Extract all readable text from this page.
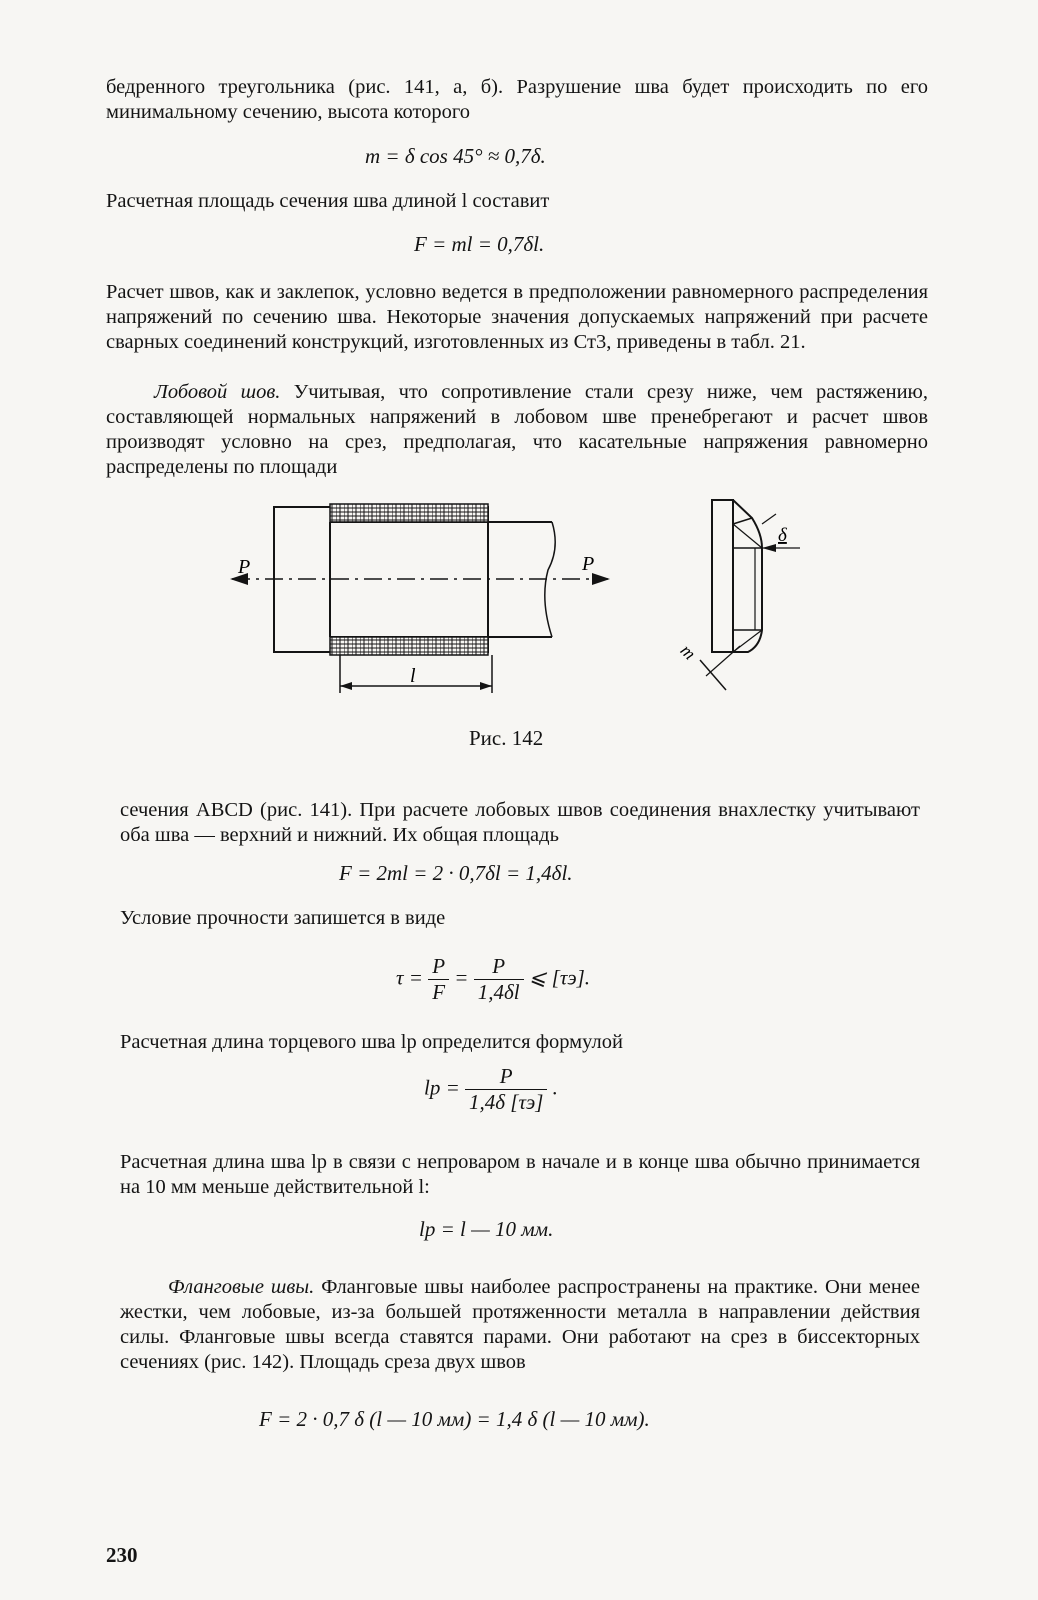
бедренного треугольника (рис. 141, а, б). Разрушение шва будет происходить по его минимальному сечению, высота которого

m = δ cos 45° ≈ 0,7δ.

Расчетная площадь сечения шва длиной l составит

F = ml = 0,7δl.

Расчет швов, как и заклепок, условно ведется в предположении равномерного распределения напряжений по сечению шва. Некоторые значения допускаемых напряжений при расчете сварных соединений конструкций, изготовленных из Ст3, приведены в табл. 21.

Лобовой шов. Учитывая, что сопротивление стали срезу ниже, чем растяжению, составляющей нормальных напряжений в лобовом шве пренебрегают и расчет швов производят условно на срез, предполагая, что касательные напряжения равномерно распределены по площади

P	P
l
δ
m
Рис. 142

сечения ABCD (рис. 141). При расчете лобовых швов соединения внахлестку учитывают оба шва — верхний и нижний. Их общая площадь

F = 2ml = 2 · 0,7δl = 1,4δl.

Условие прочности запишется в виде

$\tau = \frac{P}{F} = \frac{P}{1,4\delta l}$ ⩽ [τэ].

Расчетная длина торцевого шва lр определится формулой

lр = $\frac{P}{1,4\delta [\tau э]}$ .

Расчетная длина шва lр в связи с непроваром в начале и в конце шва обычно принимается на 10 мм меньше действительной l:

lр = l — 10 мм.

Фланговые швы. Фланговые швы наиболее распространены на практике. Они менее жестки, чем лобовые, из-за большей протяженности металла в направлении действия силы. Фланговые швы всегда ставятся парами. Они работают на срез в биссекторных сечениях (рис. 142). Площадь среза двух швов

F = 2 · 0,7 δ (l — 10 мм) = 1,4 δ (l — 10 мм).
230
